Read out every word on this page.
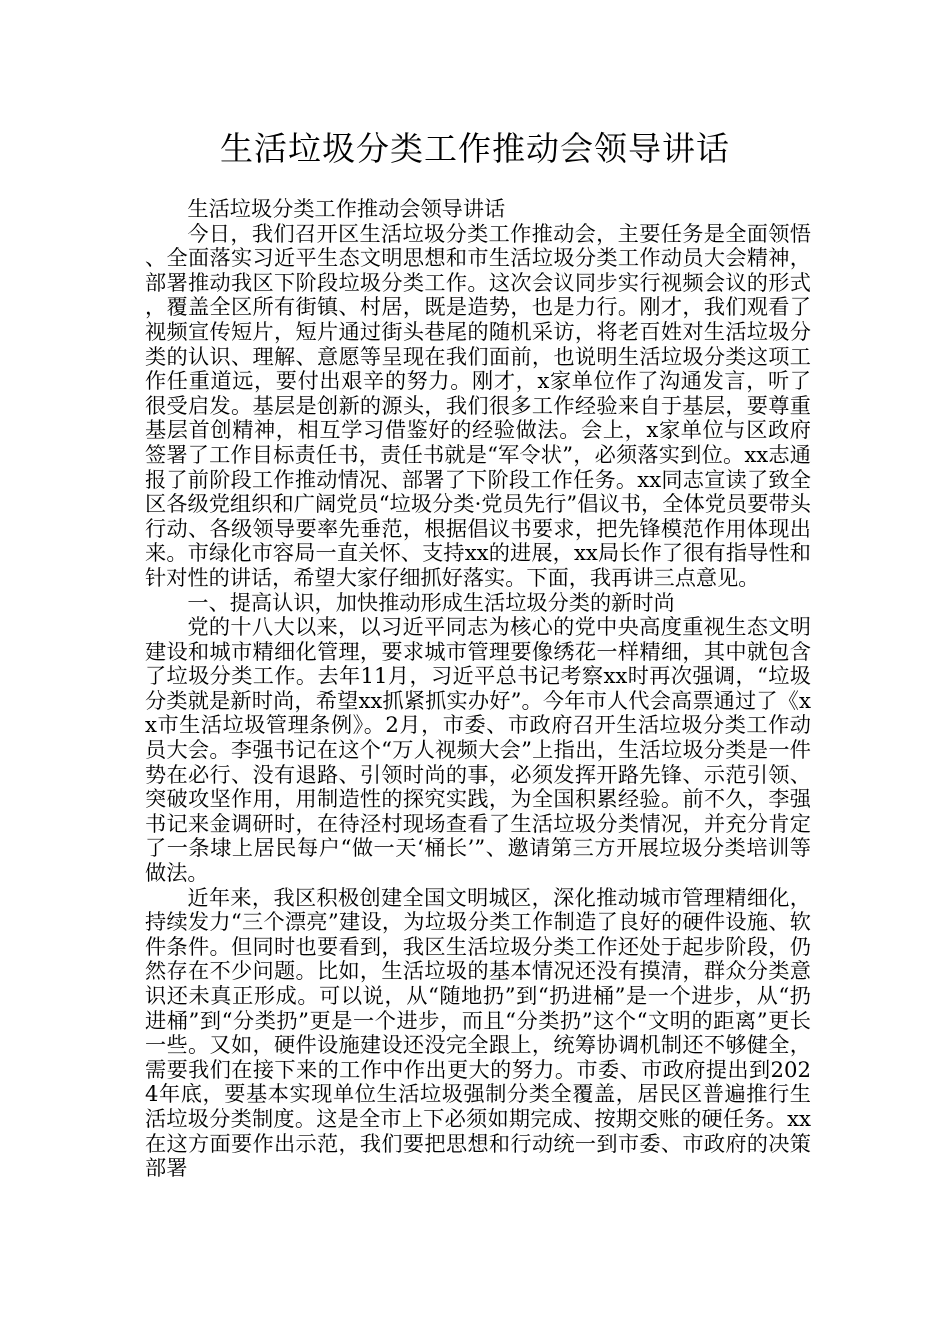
生活垃圾分类工作推动会领导讲话

生活垃圾分类工作推动会领导讲话

今日，我们召开区生活垃圾分类工作推动会，主要任务是全面领悟、全面落实习近平生态文明思想和市生活垃圾分类工作动员大会精神，部署推动我区下阶段垃圾分类工作。这次会议同步实行视频会议的形式，覆盖全区所有街镇、村居，既是造势，也是力行。刚才，我们观看了视频宣传短片，短片通过街头巷尾的随机采访，将老百姓对生活垃圾分类的认识、理解、意愿等呈现在我们面前，也说明生活垃圾分类这项工作任重道远，要付出艰辛的努力。刚才，x家单位作了沟通发言，听了很受启发。基层是创新的源头，我们很多工作经验来自于基层，要尊重基层首创精神，相互学习借鉴好的经验做法。会上，x家单位与区政府签署了工作目标责任书，责任书就是“军令状”，必须落实到位。xx志通报了前阶段工作推动情况、部署了下阶段工作任务。xx同志宣读了致全区各级党组织和广阔党员“垃圾分类·党员先行”倡议书，全体党员要带头行动、各级领导要率先垂范，根据倡议书要求，把先锋模范作用体现出来。市绿化市容局一直关怀、支持xx的进展，xx局长作了很有指导性和针对性的讲话，希望大家仔细抓好落实。下面，我再讲三点意见。

一、提高认识，加快推动形成生活垃圾分类的新时尚

党的十八大以来，以习近平同志为核心的党中央高度重视生态文明建设和城市精细化管理，要求城市管理要像绣花一样精细，其中就包含了垃圾分类工作。去年11月，习近平总书记考察xx时再次强调，“垃圾分类就是新时尚，希望xx抓紧抓实办好”。今年市人代会高票通过了《xx市生活垃圾管理条例》。2月，市委、市政府召开生活垃圾分类工作动员大会。李强书记在这个“万人视频大会”上指出，生活垃圾分类是一件势在必行、没有退路、引领时尚的事，必须发挥开路先锋、示范引领、突破攻坚作用，用制造性的探究实践，为全国积累经验。前不久，李强书记来金调研时，在待泾村现场查看了生活垃圾分类情况，并充分肯定了一条埭上居民每户“做一天‘桶长’”、邀请第三方开展垃圾分类培训等做法。

近年来，我区积极创建全国文明城区，深化推动城市管理精细化，持续发力“三个漂亮”建设，为垃圾分类工作制造了良好的硬件设施、软件条件。但同时也要看到，我区生活垃圾分类工作还处于起步阶段，仍然存在不少问题。比如，生活垃圾的基本情况还没有摸清，群众分类意识还未真正形成。可以说，从“随地扔”到“扔进桶”是一个进步，从“扔进桶”到“分类扔”更是一个进步，而且“分类扔”这个“文明的距离”更长一些。又如，硬件设施建设还没完全跟上，统筹协调机制还不够健全，需要我们在接下来的工作中作出更大的努力。市委、市政府提出到2024年底，要基本实现单位生活垃圾强制分类全覆盖，居民区普遍推行生活垃圾分类制度。这是全市上下必须如期完成、按期交账的硬任务。xx在这方面要作出示范，我们要把思想和行动统一到市委、市政府的决策部署
